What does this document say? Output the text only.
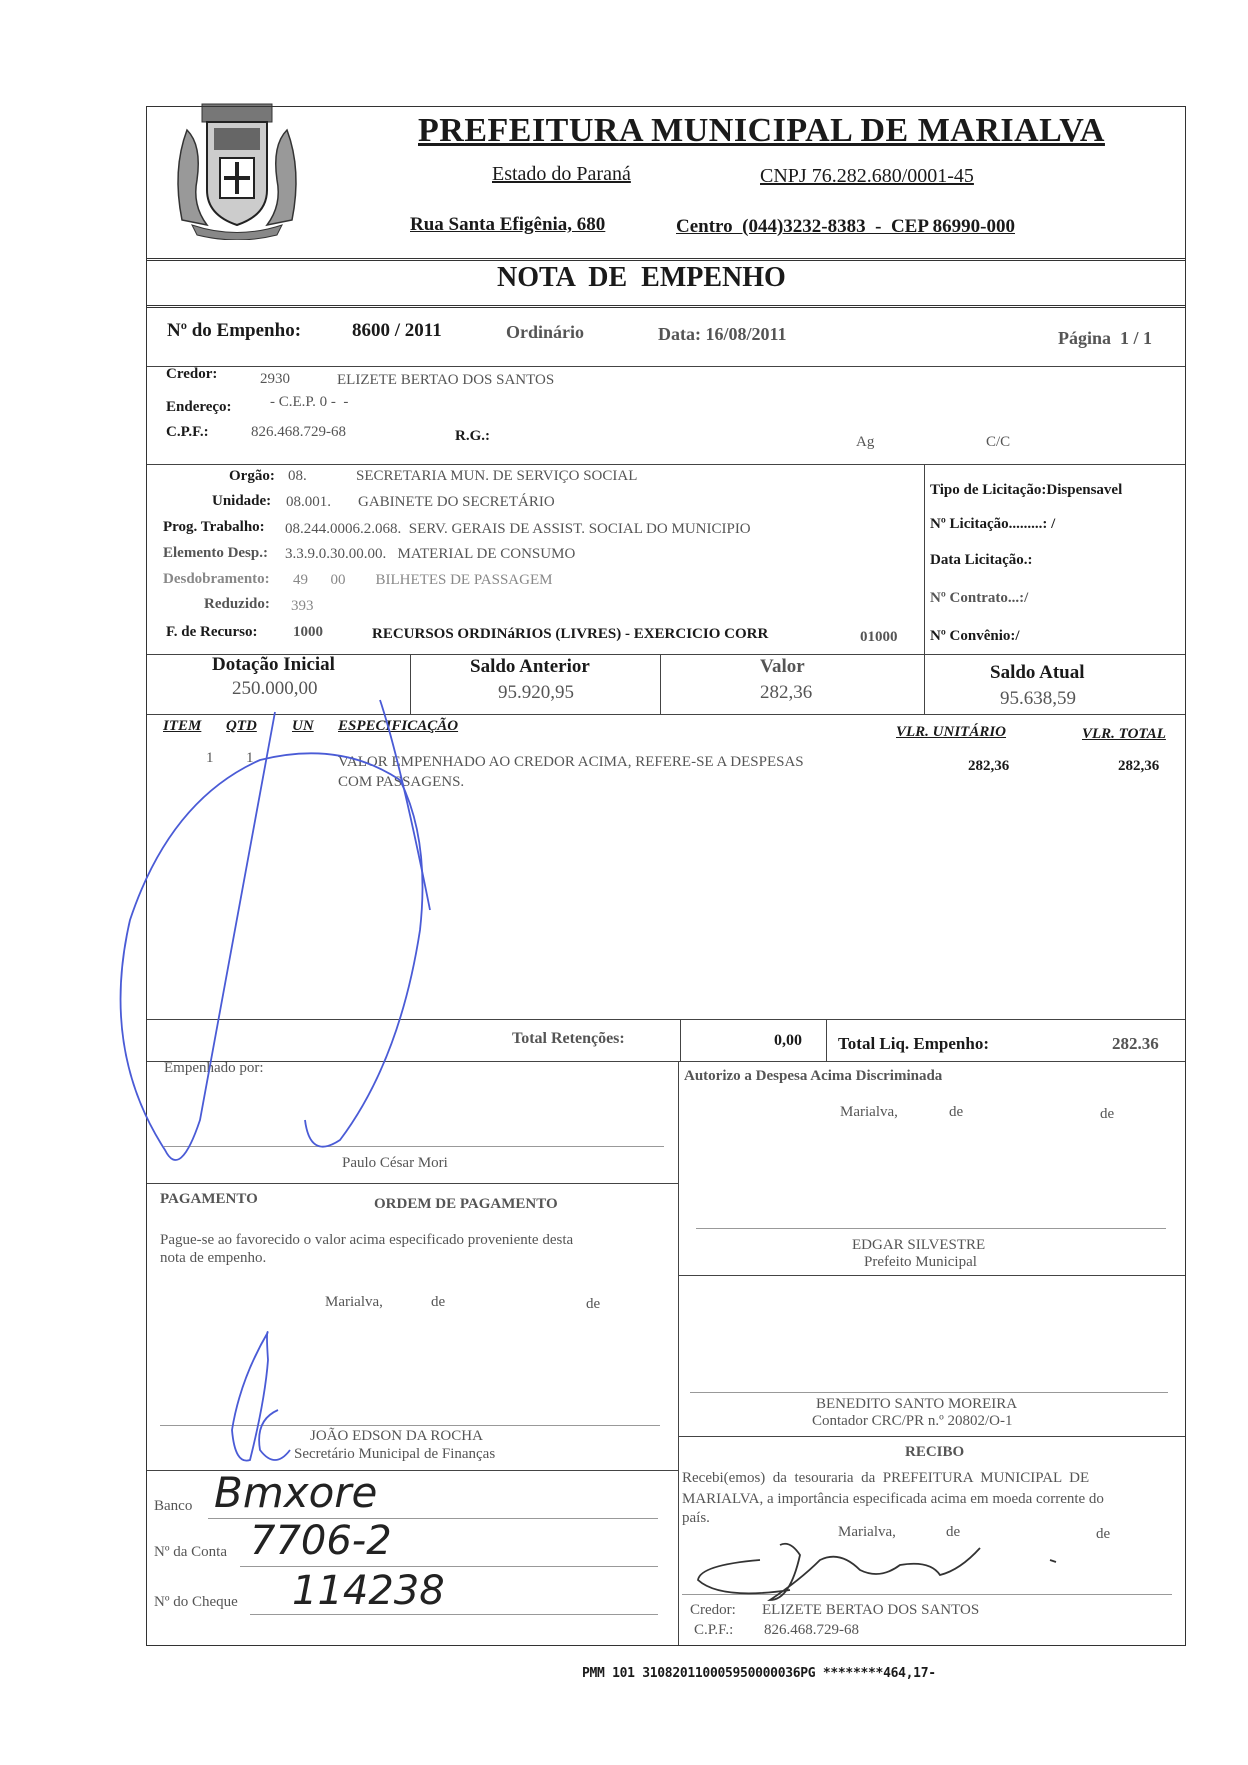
PREFEITURA MUNICIPAL DE MARIALVA
Estado do Paraná	CNPJ 76.282.680/0001-45
Rua Santa Efigênia, 680	Centro  (044)3232-8383  -  CEP 86990-000
NOTA  DE  EMPENHO
Nº do Empenho:	8600 / 2011	Ordinário	Data: 16/08/2011	Página  1 / 1
Credor:	2930	ELIZETE BERTAO DOS SANTOS
Endereço:	- C.E.P. 0 -  -
C.P.F.:	826.468.729-68	R.G.:	Ag	C/C
Orgão: 08.	SECRETARIA MUN. DE SERVIÇO SOCIAL
Unidade: 08.001. GABINETE DO SECRETÁRIO
Prog. Trabalho: 08.244.0006.2.068.  SERV. GERAIS DE ASSIST. SOCIAL DO MUNICIPIO
Elemento Desp.: 3.3.9.0.30.00.00.   MATERIAL DE CONSUMO
Desdobramento: 49      00        BILHETES DE PASSAGEM
Reduzido: 393
F. de Recurso: 1000	RECURSOS ORDINáRIOS (LIVRES) - EXERCICIO CORR	01000
Tipo de Licitação:Dispensavel
Nº Licitação.........: /
Data Licitação.:
Nº Contrato...:/
Nº Convênio:/
Dotação Inicial
250.000,00
Saldo Anterior
95.920,95
Valor
282,36
Saldo Atual
95.638,59
ITEM QTD UN ESPECIFICAÇÃO	VLR. UNITÁRIO	VLR. TOTAL
1 1	VALOR EMPENHADO AO CREDOR ACIMA, REFERE-SE A DESPESAS
COM PASSAGENS.
282,36	282,36
Total Retenções:	0,00 Total Liq. Empenho:	282.36
Empenhado por:
Paulo César Mori
Autorizo a Despesa Acima Discriminada
Marialva,	de	de
EDGAR SILVESTRE
Prefeito Municipal
PAGAMENTO	ORDEM DE PAGAMENTO
Pague-se ao favorecido o valor acima especificado proveniente desta
nota de empenho.
Marialva,	de	de
JOÃO EDSON DA ROCHA
Secretário Municipal de Finanças
BENEDITO SANTO MOREIRA
Contador CRC/PR n.º 20802/O-1
RECIBO
Recebi(emos)  da  tesouraria  da  PREFEITURA  MUNICIPAL  DE
MARIALVA, a importância especificada acima em moeda corrente do
país.
Marialva,	de	de
Credor: ELIZETE BERTAO DOS SANTOS
C.P.F.: 826.468.729-68
Banco Bmxore
Nº da Conta 7706-2
Nº do Cheque 114238
PMM 101 310820110005950000036PG ********464,17-
